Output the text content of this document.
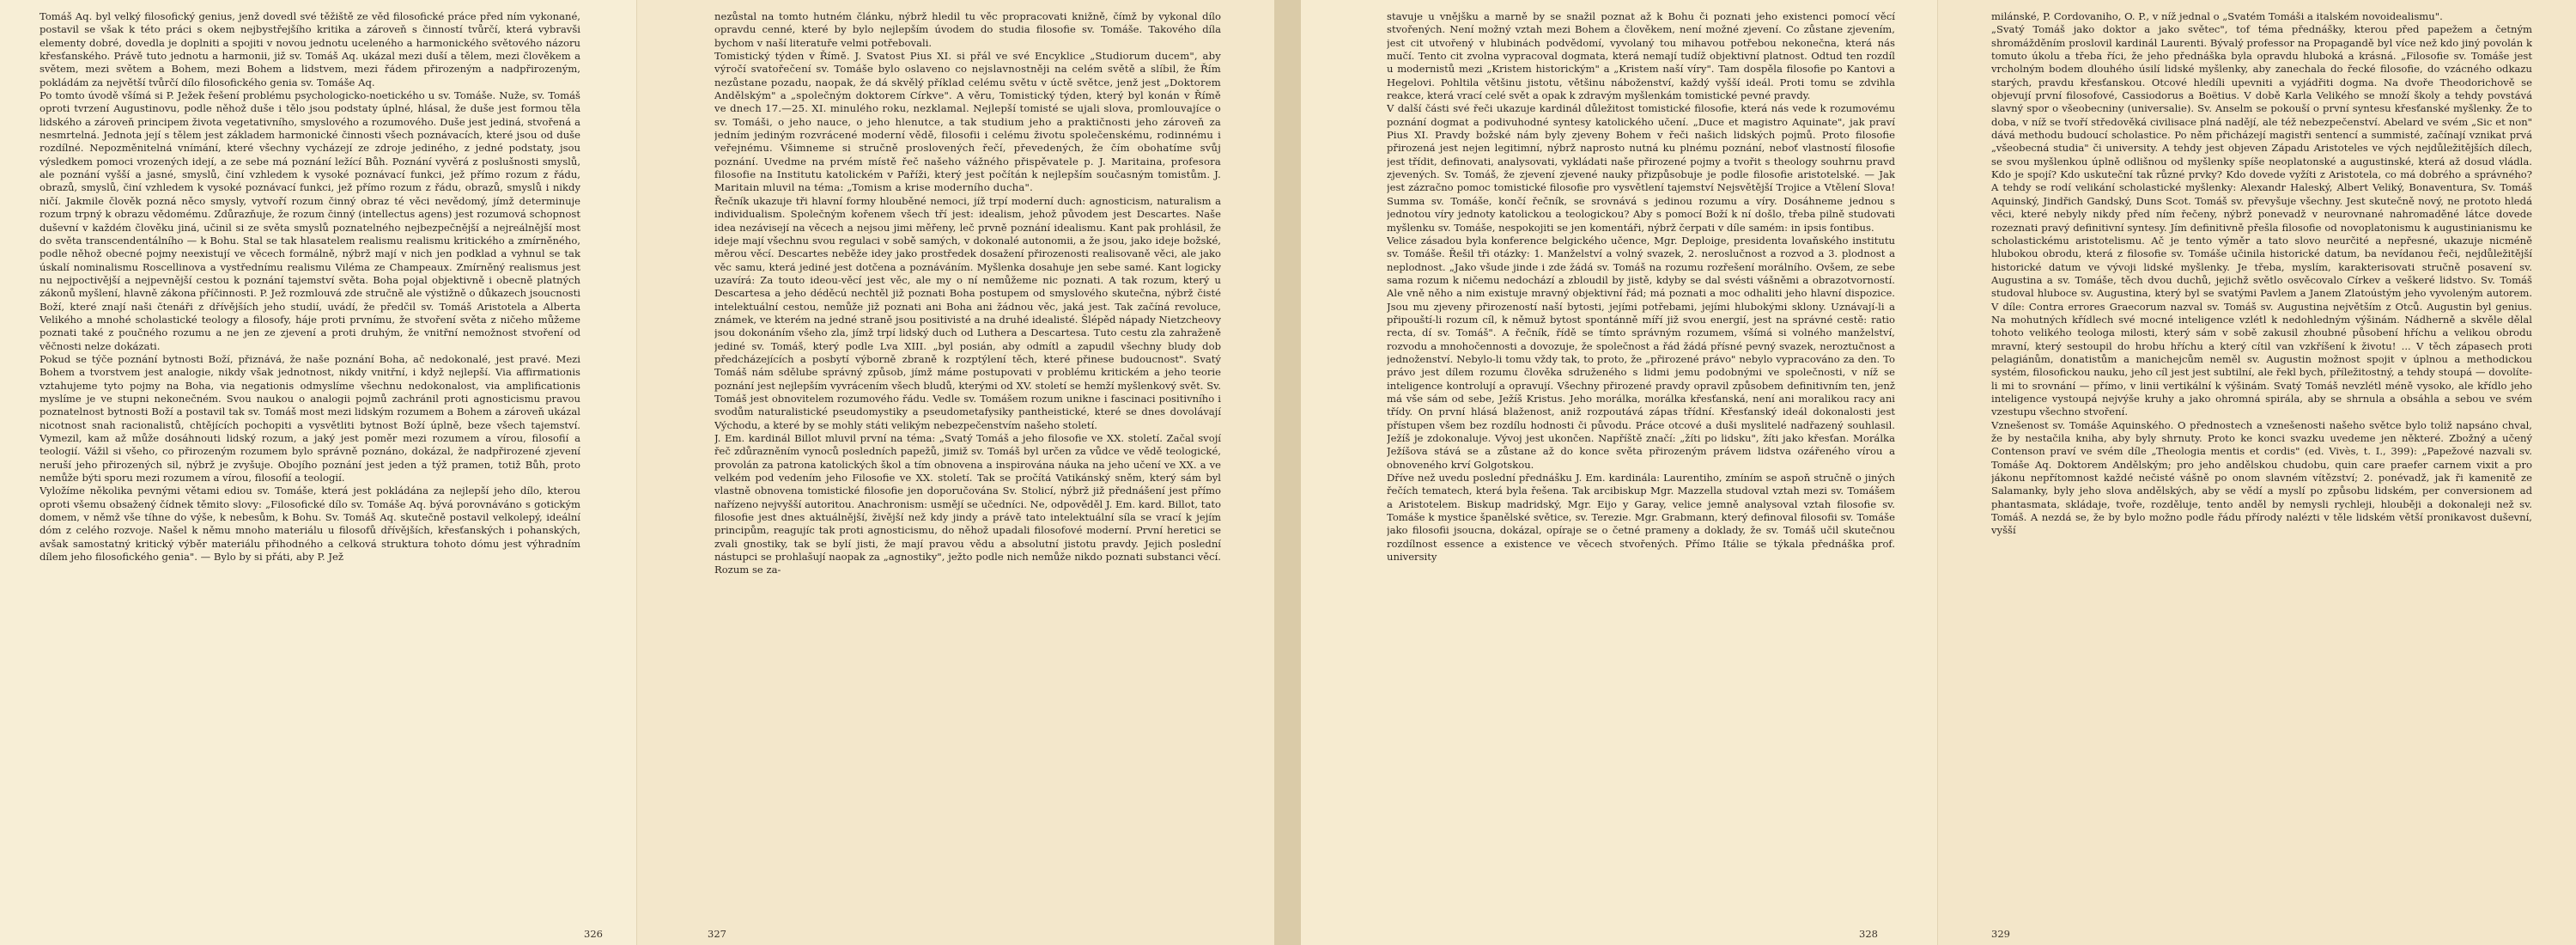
Tomáš Aq. byl velký filosofický genius, jenž dovedl své těžiště ze věd filosofické práce před ním vykonané, postavil se však k této práci s okem nejbystřejšího kritika a zároveň s činností tvůrčí, která vybravši elementy dobré, dovedla je doplniti a spojiti v novou jednotu uceleného a harmonického světového názoru křesťanského. Právě tuto jednotu a harmonii, již sv. Tomáš Aq. ukázal mezi duší a tělem, mezi člověkem a světem, mezi světem a Bohem, mezi Bohem a lidstvem, mezi řádem přirozeným a nadpřirozeným, pokládám za největší tvůrčí dílo filosofického genia sv. Tomáše Aq.

Po tomto úvodě všímá si P. Ježek řešení problému psychologicko-noetického u sv. Tomáše. Nuže, sv. Tomáš oproti tvrzení Augustinovu, podle něhož duše i tělo jsou podstaty úplné, hlásal, že duše jest formou těla lidského a zároveň principem života vegetativního, smyslového a rozumového. Duše jest jediná, stvořená a nesmrtelná. Jednota její s tělem jest základem harmonické činnosti všech poznávacích, které jsou od duše rozdílné. Nepozměnitelná vnímání, které všechny vycházejí ze zdroje jediného, z jedné podstaty, jsou výsledkem pomoci vrozených idejí, a ze sebe má poznání ležící Bůh. Poznání vyvěrá z poslušnosti smyslů, ale poznání vyšší a jasné, smyslů, činí vzhledem k vysoké poznávací funkci, jež přímo rozum z řádu, obrazů, smyslů, činí vzhledem k vysoké poznávací funkci, jež přímo rozum z řádu, obrazů, smyslů i nikdy ničí. Jakmile člověk pozná něco smysly, vytvoří rozum činný obraz té věci nevědomý, jímž determinuje rozum trpný k obrazu vědomému. Zdůrazňuje, že rozum činný (intellectus agens) jest rozumová schopnost duševní v každém člověku jiná, učinil si ze světa smyslů poznatelného nejbezpečnější a nejreálnější most do světa transcendentálního — k Bohu. Stal se tak hlasatelem realismu realismu kritického a zmírněného, podle něhož obecné pojmy neexistují ve věcech formálně, nýbrž mají v nich jen podklad a vyhnul se tak úskalí nominalismu Roscellinova a vystřednímu realismu Viléma ze Champeaux. Zmírněný realismus jest nu nejpoctivější a nejpevnější cestou k poznání tajemství světa. Boha pojal objektivně i obecně platných zákonů myšlení, hlavně zákona příčinnosti. P. Jež rozmlouvá zde stručně ale výstižně o důkazech jsoucnosti Boží, které znají naši čtenáři z dřívějších jeho studií, uvádí, že předčil sv. Tomáš Aristotela a Alberta Velikého a mnohé scholastické teology a filosofy, háje proti prvnímu, že stvoření světa z ničeho můžeme poznati také z poučného rozumu a ne jen ze zjevení a proti druhým, že vnitřní nemožnost stvoření od věčnosti nelze dokázati.

Pokud se týče poznání bytnosti Boží, přiznává, že naše poznání Boha, ač nedokonalé, jest pravé. Mezi Bohem a tvorstvem jest analogie, nikdy však jednotnost, nikdy vnitřní, i když nejlepší. Via affirmationis vztahujeme tyto pojmy na Boha, via negationis odmyslíme všechnu nedokonalost, via amplificationis myslíme je ve stupni nekonečném. Svou naukou o analogii pojmů zachránil proti agnosticismu pravou poznatelnost bytnosti Boží a postavil tak sv. Tomáš most mezi lidským rozumem a Bohem a zároveň ukázal nicotnost snah racionalistů, chtějících pochopiti a vysvětliti bytnost Boží úplně, beze všech tajemství. Vymezil, kam až může dosáhnouti lidský rozum, a jaký jest poměr mezi rozumem a vírou, filosofií a teologií. Vážil si všeho, co přirozeným rozumem bylo správně poznáno, dokázal, že nadpřirozené zjevení neruší jeho přirozených sil, nýbrž je zvyšuje. Obojího poznání jest jeden a týž pramen, totiž Bůh, proto nemůže býti sporu mezi rozumem a vírou, filosofií a teologií.

Vyložíme několika pevnými větami ediou sv. Tomáše, která jest pokládána za nejlepší jeho dílo, kterou oproti všemu obsažený čídnek těmito slovy: „Filosofické dílo sv. Tomáše Aq. bývá porovnáváno s gotickým domem, v němž vše tíhne do výše, k nebesům, k Bohu. Sv. Tomáš Aq. skutečně postavil velkolepý, ideální dóm z celého rozvoje. Našel k němu mnoho materiálu u filosofů dřívějších, křesťanských i pohanských, avšak samostatný kritický výběr materiálu přihodného a celková struktura tohoto dómu jest výhradním dílem jeho filosofického genia". — Bylo by si přáti, aby P. Jež

326

nezůstal na tomto hutném článku, nýbrž hledil tu věc propracovati knižně, čímž by vykonal dílo opravdu cenné, které by bylo nejlepším úvodem do studia filosofie sv. Tomáše. Takového díla bychom v naší literatuře velmi potřebovali.

Tomistický týden v Římě. J. Svatost Pius XI. si přál ve své Encyklice „Studiorum ducem", aby výročí svatořečení sv. Tomáše bylo oslaveno co nejslavnostněji na celém světě a slíbil, že Řím nezůstane pozadu, naopak, že dá skvělý příklad celému světu v úctě světce, jenž jest „Doktorem Andělským" a „společným doktorem Církve". A věru, Tomistický týden, který byl konán v Římě ve dnech 17.—25. XI. minulého roku, nezklamal. Nejlepší tomisté se ujali slova, promlouvajíce o sv. Tomáši, o jeho nauce, o jeho hlenutce, a tak studium jeho a praktičnosti jeho zároveň za jedním jediným rozvrácené moderní vědě, filosofii i celému životu společenskému, rodinnému i veřejnému. Všimneme si stručně proslovených řečí, převedených, že čím obohatíme svůj poznání. Uvedme na prvém místě řeč našeho vážného přispěvatele p. J. Maritaina, profesora filosofie na Institutu katolickém v Paříži, který jest počítán k nejlepším současným tomistům. J. Maritain mluvil na téma: „Tomism a krise moderního ducha".

Řečník ukazuje tři hlavní formy hlouběné nemoci, jíž trpí moderní duch: agnosticism, naturalism a individualism. Společným kořenem všech tří jest: idealism, jehož původem jest Descartes. Naše idea nezávisejí na věcech a nejsou jimi měřeny, leč prvně poznání idealismu. Kant pak prohlásil, že ideje mají všechnu svou regulaci v sobě samých, v dokonalé autonomii, a že jsou, jako ideje božské, měrou věcí. Descartes neběže idey jako prostředek dosažení přirozenosti realisovaně věci, ale jako věc samu, která jediné jest dotčena a poznáváním. Myšlenka dosahuje jen sebe samé. Kant logicky uzavírá: Za touto ideou-věcí jest věc, ale my o ní nemůžeme nic poznati. A tak rozum, který u Descartesa a jeho déděcú nechtěl již poznati Boha postupem od smyslového skutečna, nýbrž čisté intelektuální cestou, nemůže již poznati ani Boha ani žádnou věc, jaká jest. Tak začíná revoluce, známek, ve kterém na jedné straně jsou positivisté a na druhé idealisté. Šlépěd nápady Nietzcheovy jsou dokonáním všeho zla, jímž trpí lidský duch od Luthera a Descartesa. Tuto cestu zla zahraženě jediné sv. Tomáš, který podle Lva XIII. „byl posián, aby odmítl a zapudil všechny bludy dob předcházejících a posbytí výborně zbraně k rozptýlení těch, které přinese budoucnost". Svatý Tomáš nám sdělube správný způsob, jímž máme postupovati v problému kritickém a jeho teorie poznání jest nejlepším vyvrácením všech bludů, kterými od XV. století se hemží myšlenkový svět. Sv. Tomáš jest obnovitelem rozumového řádu. Vedle sv. Tomášem rozum unikne i fascinaci positivního i svodům naturalistické pseudomystiky a pseudometafysiky pantheistické, které se dnes dovolávají Východu, a které by se mohly státi velikým nebezpečenstvím našeho století.

J. Em. kardinál Billot mluvil první na téma: „Svatý Tomáš a jeho filosofie ve XX. století. Začal svojí řeč zdůrazněním vynoců posledních papežů, jimiž sv. Tomáš byl určen za vůdce ve vědě teologické, provolán za patrona katolických škol a tím obnovena a inspirována náuka na jeho učení ve XX. a ve velkém pod vedením jeho Filosofie ve XX. století. Tak se pročítá Vatikánský sněm, který sám byl vlastně obnovena tomistické filosofie jen doporučována Sv. Stolicí, nýbrž již přednášení jest přímo nařízeno nejvyšší autoritou. Anachronism: usmějí se učedníci. Ne, odpověděl J. Em. kard. Billot, tato filosofie jest dnes aktuálnější, živější než kdy jindy a právě tato intelektuální síla se vrací k jejím principům, reagujíc tak proti agnosticismu, do něhož upadali filosofové moderní. První heretici se zvali gnostiky, tak se bylí jisti, že mají pravou vědu a absolutní jistotu pravdy. Jejich poslední nástupci se prohlašují naopak za „agnostiky", ježto podle nich nemůže nikdo poznati substanci věcí. Rozum se za-

327

stavuje u vnějšku a marně by se snažil poznat až k Bohu či poznati jeho existenci pomocí věcí stvořených. Není možný vztah mezi Bohem a člověkem, není možné zjevení. Co zůstane zjevením, jest cit utvořený v hlubinách podvědomí, vyvolaný tou mihavou potřebou nekonečna, která nás mučí. Tento cit zvolna vypracoval dogmata, která nemají tudíž objektivní platnost. Odtud ten rozdíl u modernistů mezi „Kristem historickým" a „Kristem naší víry". Tam dospěla filosofie po Kantovi a Hegelovi. Pohltila většinu jistotu, většinu náboženství, každý vyšší ideál. Proti tomu se zdvihla reakce, která vrací celé svět a opak k zdravým myšlenkám tomistické pevné pravdy.

V další části své řeči ukazuje kardinál důležitost tomistické filosofie, která nás vede k rozumovému poznání dogmat a podivuhodné syntesy katolického učení. „Duce et magistro Aquinate", jak praví Pius XI. Pravdy božské nám byly zjeveny Bohem v řeči našich lidských pojmů. Proto filosofie přirozená jest nejen legitimní, nýbrž naprosto nutná ku plnému poznání, neboť vlastností filosofie jest třídit, definovati, analysovati, vykládati naše přirozené pojmy a tvořit s theology souhrnu pravd zjevených. Sv. Tomáš, že zjevení zjevené nauky přizpůsobuje je podle filosofie aristotelské. — Jak jest zázračno pomoc tomistické filosofie pro vysvětlení tajemství Nejsvětější Trojice a Vtělení Slova! Summa sv. Tomáše, končí řečník, se srovnává s jedinou rozumu a víry. Dosáhneme jednou s jednotou víry jednoty katolickou a teologickou? Aby s pomocí Boží k ní došlo, třeba pilně studovati myšlenku sv. Tomáše, nespokojiti se jen komentáři, nýbrž čerpati v díle samém: in ipsis fontibus.

Velice zásadou byla konference belgického učence, Mgr. Deploige, presidenta lovaňského institutu sv. Tomáše. Řešil tři otázky: 1. Manželství a volný svazek, 2. neroslučnost a rozvod a 3. plodnost a neplodnost. „Jako všude jinde i zde žádá sv. Tomáš na rozumu rozřešení morálního. Ovšem, ze sebe sama rozum k ničemu nedochází a zbloudil by jistě, kdyby se dal svésti vášněmi a obrazotvorností. Ale vně něho a nim existuje mravný objektivní řád; má poznati a moc odhaliti jeho hlavní dispozice. Jsou mu zjeveny přirozeností naší bytosti, jejími potřebami, jejími hlubokými sklony. Uznávají-li a připouští-li rozum cíl, k němuž bytost spontánně míří již svou energií, jest na správné cestě: ratio recta, dí sv. Tomáš". A řečník, řídě se tímto správným rozumem, všímá si volného manželství, rozvodu a mnohočennosti a dovozuje, že společnost a řád žádá přísné pevný svazek, neroztučnost a jednoženství. Nebylo-li tomu vždy tak, to proto, že „přirozené právo" nebylo vypracováno za den. To právo jest dílem rozumu člověka sdruženého s lidmi jemu podobnými ve společnosti, v níž se inteligence kontrolují a opravují. Všechny přirozené pravdy opravil způsobem definitivním ten, jenž má vše sám od sebe, Ježíš Kristus. Jeho morálka, morálka křesťanská, není ani moralikou racy ani třídy. On první hlásá blaženost, aniž rozpoutává zápas třídní. Křesťanský ideál dokonalosti jest přístupen všem bez rozdílu hodnosti či původu. Práce otcové a duši myslitelé nadřazený souhlasil. Ježíš je zdokonaluje. Vývoj jest ukončen. Napříště značí: „žíti po lidsku", žíti jako křesťan. Morálka Ježíšova stává se a zůstane až do konce světa přirozeným právem lidstva ozářeného vírou a obnoveného krví Golgotskou.

Dříve než uvedu poslední přednášku J. Em. kardinála: Laurentiho, zmíním se aspoň stručně o jiných řečích tematech, která byla řešena. Tak arcibiskup Mgr. Mazzella studoval vztah mezi sv. Tomášem a Aristotelem. Biskup madridský, Mgr. Eijo y Garay, velice jemně analysoval vztah filosofie sv. Tomáše k mystice španělské světice, sv. Terezie. Mgr. Grabmann, který definoval filosofii sv. Tomáše jako filosofii jsoucna, dokázal, opíraje se o četné prameny a doklady, že sv. Tomáš učil skutečnou rozdílnost essence a existence ve věcech stvořených. Přímo Itálie se týkala přednáška prof. university

328

milánské, P. Cordovaniho, O. P., v níž jednal o „Svatém Tomáši a italském novoidealismu".

„Svatý Tomáš jako doktor a jako světec", tof téma přednášky, kterou před papežem a četným shromážděním proslovil kardinál Laurenti. Bývalý professor na Propagandě byl více než kdo jiný povolán k tomuto úkolu a třeba říci, že jeho přednáška byla opravdu hluboká a krásná. „Filosofie sv. Tomáše jest vrcholným bodem dlouhého úsilí lidské myšlenky, aby zanechala do řecké filosofie, do vzácného odkazu starých, pravdu křesťanskou. Otcové hledíli upevniti a vyjádřiti dogma. Na dvoře Theodorichově se objevují první filosofové, Cassiodorus a Boëtius. V době Karla Velikého se množí školy a tehdy povstává slavný spor o všeobecniny (universalie). Sv. Anselm se pokouší o první syntesu křesťanské myšlenky. Že to doba, v níž se tvoří středověká civilisace plná nadějí, ale též nebezpečenství. Abelard ve svém „Sic et non" dává methodu budoucí scholastice. Po něm přicházejí magistři sentencí a summisté, začínají vznikat prvá „všeobecná studia" či university. A tehdy jest objeven Západu Aristoteles ve vých nejdůležitějších dílech, se svou myšlenkou úplně odlišnou od myšlenky spíše neoplatonské a augustinské, která až dosud vládla. Kdo je spojí? Kdo uskuteční tak různé prvky? Kdo dovede vyžíti z Aristotela, co má dobrého a správného? A tehdy se rodí velikání scholastické myšlenky: Alexandr Haleský, Albert Veliký, Bonaventura, Sv. Tomáš Aquinský, Jindřich Gandský, Duns Scot. Tomáš sv. převyšuje všechny. Jest skutečně nový, ne prototo hledá věci, které nebyly nikdy před ním řečeny, nýbrž ponevadž v neurovnané nahromaděné látce dovede rozeznati pravý definitivní syntesy. Jím definitivně přešla filosofie od novoplatonismu k augustinianismu ke scholastickému aristotelismu. Ač je tento výměr a tato slovo neurčité a nepřesné, ukazuje nicméně hlubokou obrodu, která z filosofie sv. Tomáše učinila historické datum, ba nevídanou řeči, nejdůležitější historické datum ve vývoji lidské myšlenky. Je třeba, myslím, karakterisovati stručně posavení sv. Augustina a sv. Tomáše, těch dvou duchů, jejichž světlo osvěcovalo Církev a veškeré lidstvo. Sv. Tomáš studoval hluboce sv. Augustina, který byl se svatými Pavlem a Janem Zlatoústým jeho vyvoleným autorem. V díle: Contra errores Graecorum nazval sv. Tomáš sv. Augustina největším z Otců. Augustin byl genius. Na mohutných křídlech své mocné inteligence vzlétl k nedohledným výšinám. Nádherně a skvěle dělal tohoto velikého teologa milosti, který sám v sobě zakusil zhoubné působení hříchu a velikou obrodu mravní, který sestoupil do hrobu hříchu a který cítil van vzkříšení k životu! ... V těch zápasech proti pelagiánům, donatistům a manichejcům neměl sv. Augustin možnost spojit v úplnou a methodickou systém, filosofickou nauku, jeho cíl jest jest subtilní, ale řekl bych, příležitostný, a tehdy stoupá — dovolíte-li mi to srovnání — přímo, v linii vertikální k výšinám. Svatý Tomáš nevzlétl méně vysoko, ale křídlo jeho inteligence vystoupá nejvýše kruhy a jako ohromná spirála, aby se shrnula a obsáhla a sebou ve svém vzestupu všechno stvoření.

Vznešenost sv. Tomáše Aquinského. O přednostech a vznešenosti našeho světce bylo toliž napsáno chval, že by nestačila kniha, aby byly shrnuty. Proto ke konci svazku uvedeme jen některé. Zbožný a učený Contenson praví ve svém díle „Theologia mentis et cordis" (ed. Vivès, t. I., 399): „Papežové nazvali sv. Tomáše Aq. Doktorem Andělským; pro jeho andělskou chudobu, quin care praefer carnem vixit a pro jákonu nepřítomnost každé nečisté vášně po onom slavném vítězství; 2. ponévadž, jak ři kamenitě ze Salamanky, byly jeho slova andělských, aby se vědí a myslí po způsobu lidském, per conversionem ad phantasmata, skládaje, tvoře, rozděluje, tento anděl by nemysli rychleji, hlouběji a dokonaleji než sv. Tomáš. A nezdá se, že by bylo možno podle řádu přírody nalézti v těle lidském větší pronikavost duševní, vyšší

329
